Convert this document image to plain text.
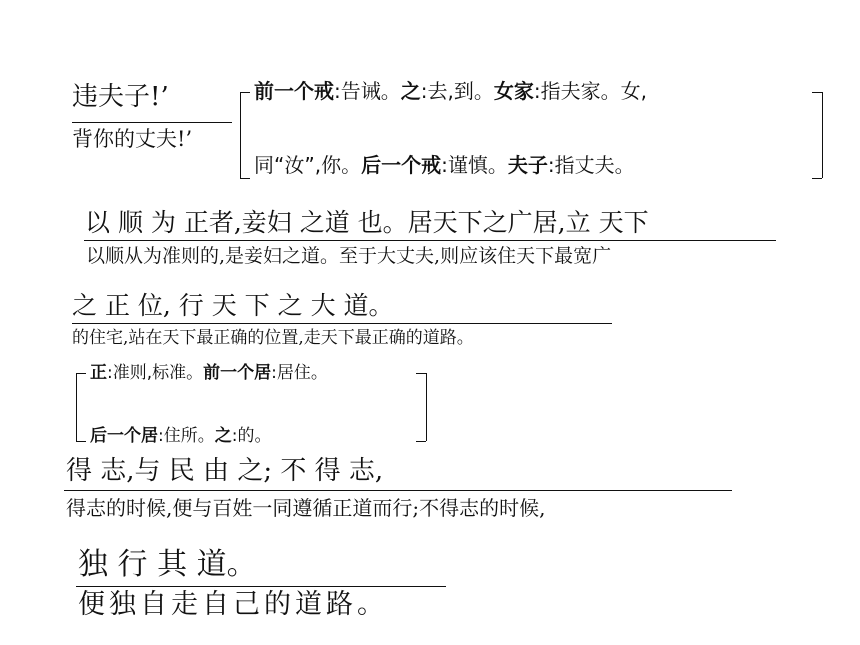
违夫子!’
背你的丈夫!’
前一个戒:告诫。之:去,到。女家:指夫家。女,
同“汝”,你。后一个戒:谨慎。夫子:指丈夫。
以 顺 为 正者,妾妇 之道 也。居天下之广居,立 天下
以顺从为准则的,是妾妇之道。至于大丈夫,则应该住天下最宽广
之 正 位, 行 天 下 之 大 道。
的住宅,站在天下最正确的位置,走天下最正确的道路。
正:准则,标准。前一个居:居住。
后一个居:住所。之:的。
得 志,与 民 由 之; 不 得 志,
得志的时候,便与百姓一同遵循正道而行;不得志的时候,
独 行 其 道。
便独自走自己的道路。
